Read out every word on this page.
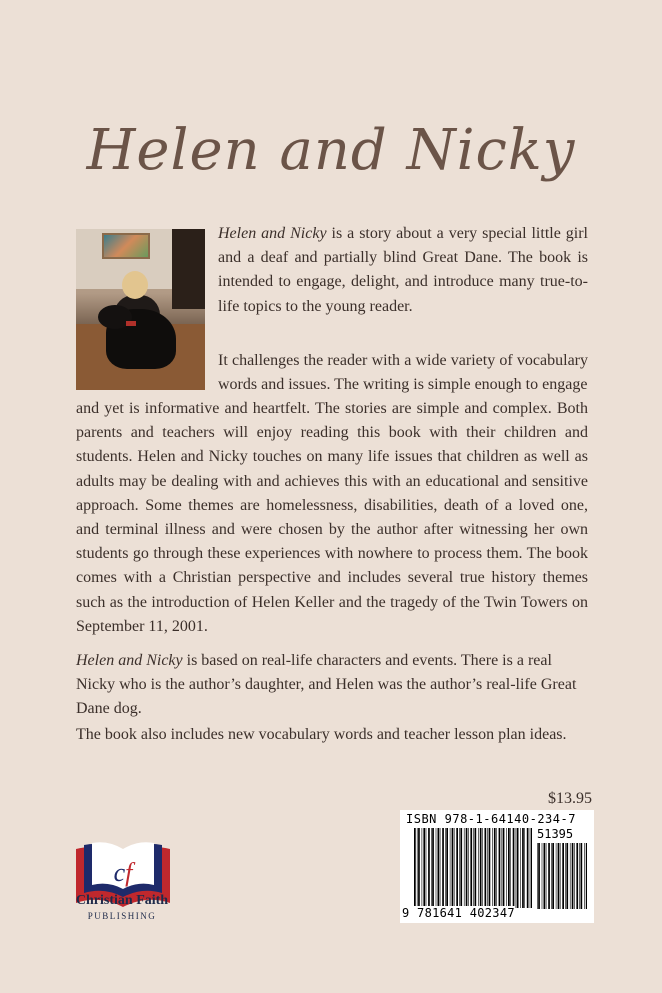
Helen and Nicky

Helen and Nicky is a story about a very special little girl and a deaf and partially blind Great Dane. The book is intended to engage, delight, and introduce many true-to-life topics to the young reader.

It challenges the reader with a wide variety of vocabulary words and issues. The writing is simple enough to engage

and yet is informative and heartfelt. The stories are simple and complex. Both parents and teachers will enjoy reading this book with their children and students. Helen and Nicky touches on many life issues that children as well as adults may be dealing with and achieves this with an educational and sensitive approach. Some themes are homelessness, disabilities, death of a loved one, and terminal illness and were chosen by the author after witnessing her own students go through these experiences with nowhere to process them. The book comes with a Christian perspective and includes several true history themes such as the introduction of Helen Keller and the tragedy of the Twin Towers on September 11, 2001.

Helen and Nicky is based on real-life characters and events. There is a real Nicky who is the author’s daughter, and Helen was the author’s real-life Great Dane dog.

The book also includes new vocabulary words and teacher lesson plan ideas.

$13.95
ISBN 978-1-64140-234-7
51395
9 781641 402347
cf
Christian Faith
PUBLISHING
